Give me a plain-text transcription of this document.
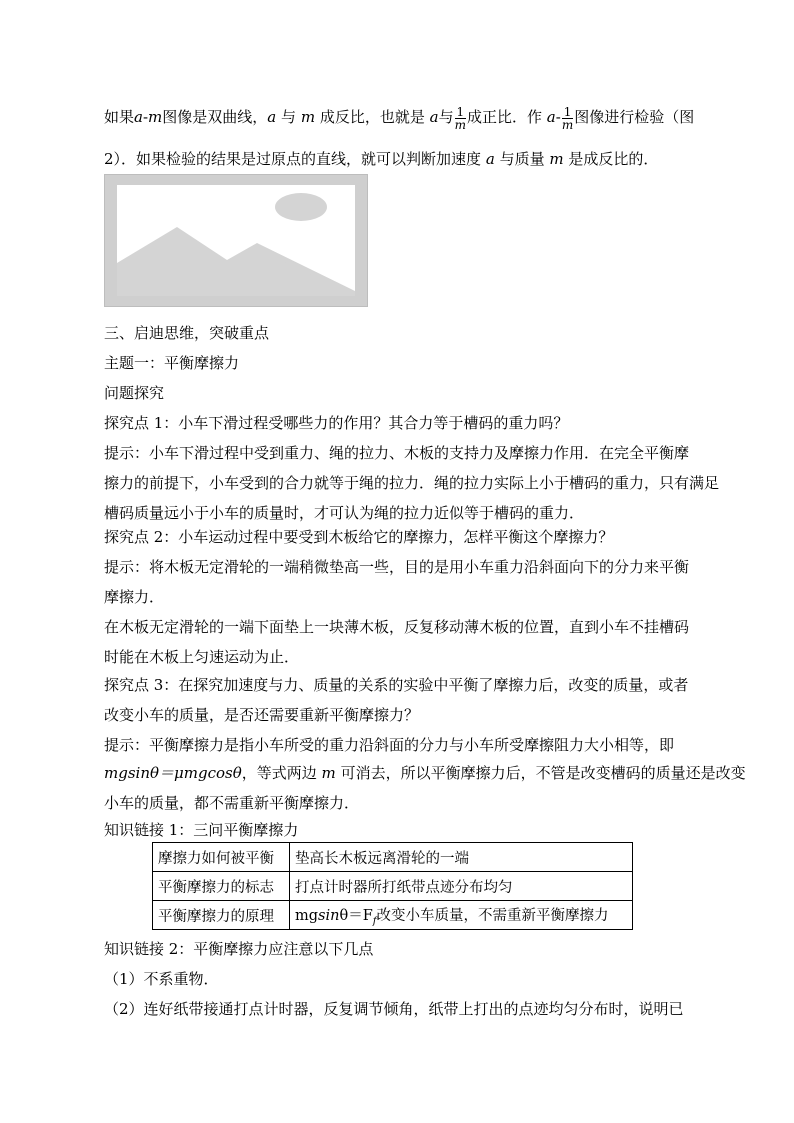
如果a-m图像是双曲线，a 与 m 成反比，也就是 a与 $\frac{1}{m}$ 成正比．作 $a- \frac{1}{m}$ 图像进行检验（图
2）．如果检验的结果是过原点的直线，就可以判断加速度 a 与质量 m 是成反比的．
三、启迪思维，突破重点
主题一：平衡摩擦力
问题探究
探究点 1：小车下滑过程受哪些力的作用？其合力等于槽码的重力吗？
提示：小车下滑过程中受到重力、绳的拉力、木板的支持力及摩擦力作用．在完全平衡摩
擦力的前提下，小车受到的合力就等于绳的拉力．绳的拉力实际上小于槽码的重力，只有满足
槽码质量远小于小车的质量时，才可认为绳的拉力近似等于槽码的重力．
探究点 2：小车运动过程中要受到木板给它的摩擦力，怎样平衡这个摩擦力？
提示：将木板无定滑轮的一端稍微垫高一些，目的是用小车重力沿斜面向下的分力来平衡
摩擦力．
在木板无定滑轮的一端下面垫上一块薄木板，反复移动薄木板的位置，直到小车不挂槽码
时能在木板上匀速运动为止．
探究点 3：在探究加速度与力、质量的关系的实验中平衡了摩擦力后，改变的质量，或者
改变小车的质量，是否还需要重新平衡摩擦力？
提示：平衡摩擦力是指小车所受的重力沿斜面的分力与小车所受摩擦阻力大小相等，即
mgsinθ＝μmgcosθ，等式两边 m 可消去，所以平衡摩擦力后，不管是改变槽码的质量还是改变
小车的质量，都不需重新平衡摩擦力．
知识链接 1：三问平衡摩擦力
摩擦力如何被平衡	垫高长木板远离滑轮的一端
平衡摩擦力的标志	打点计时器所打纸带点迹分布均匀
平衡摩擦力的原理	$mgsin\theta=F_f$改变小车质量，不需重新平衡摩擦力
知识链接 2：平衡摩擦力应注意以下几点
（1）不系重物．
（2）连好纸带接通打点计时器，反复调节倾角，纸带上打出的点迹均匀分布时，说明已
